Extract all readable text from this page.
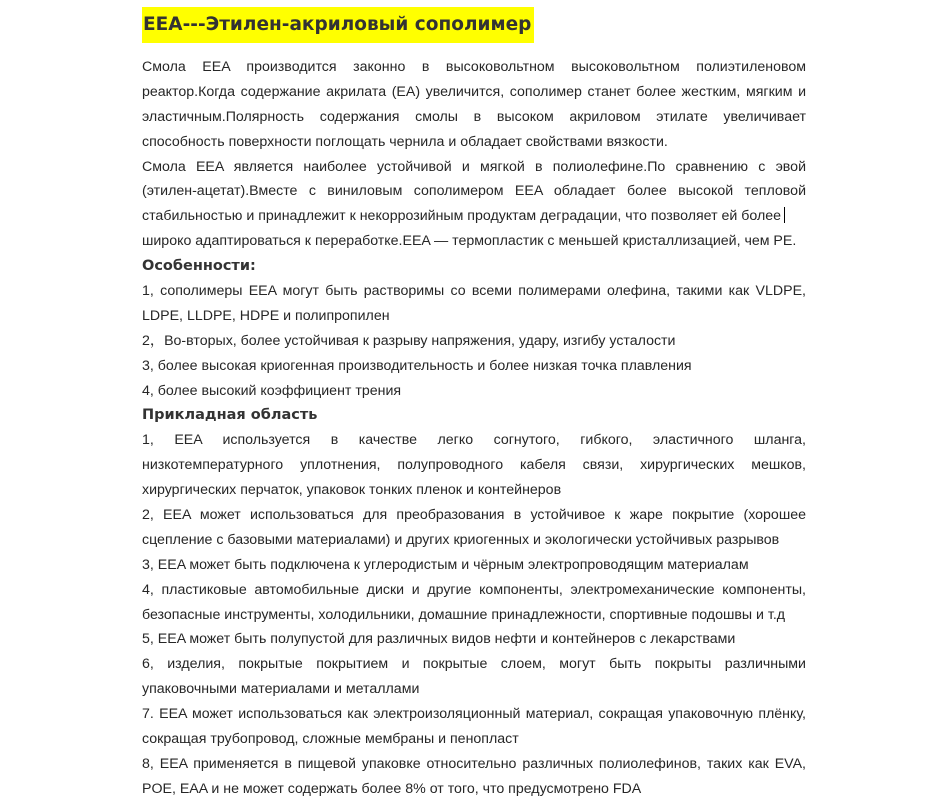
EEA---Этилен-акриловый сополимер
Смола EEA производится законно в высоковольтном высоковольтном полиэтиленовом
реактор.Когда содержание акрилата (EA) увеличится, сополимер станет более жестким, мягким и
эластичным.Полярность содержания смолы в высоком акриловом этилате увеличивает
способность поверхности поглощать чернила и обладает свойствами вязкости.
Смола EEA является наиболее устойчивой и мягкой в полиолефине.По сравнению с эвой
(этилен-ацетат).Вместе с виниловым сополимером EEA обладает более высокой тепловой
стабильностью и принадлежит к некоррозийным продуктам деградации, что позволяет ей более
широко адаптироваться к переработке.EEA — термопластик с меньшей кристаллизацией, чем PE.
Особенности:
1, сополимеры EEA могут быть растворимы со всеми полимерами олефина, такими как VLDPE,
LDPE, LLDPE, HDPE и полипропилен
2，Во-вторых, более устойчивая к разрыву напряжения, удару, изгибу усталости
3, более высокая криогенная производительность и более низкая точка плавления
4, более высокий коэффициент трения
Прикладная область
1, EEA используется в качестве легко согнутого, гибкого, эластичного шланга,
низкотемпературного уплотнения, полупроводного кабеля связи, хирургических мешков,
хирургических перчаток, упаковок тонких пленок и контейнеров
2, EEA может использоваться для преобразования в устойчивое к жаре покрытие (хорошее
сцепление с базовыми материалами) и других криогенных и экологически устойчивых разрывов
3, EEA может быть подключена к углеродистым и чёрным электропроводящим материалам
4, пластиковые автомобильные диски и другие компоненты, электромеханические компоненты,
безопасные инструменты, холодильники, домашние принадлежности, спортивные подошвы и т.д
5, EEA может быть полупустой для различных видов нефти и контейнеров с лекарствами
6, изделия, покрытые покрытием и покрытые слоем, могут быть покрыты различными
упаковочными материалами и металлами
7. EEA может использоваться как электроизоляционный материал, сокращая упаковочную плёнку,
сокращая трубопровод, сложные мембраны и пенопласт
8, EEA применяется в пищевой упаковке относительно различных полиолефинов, таких как EVA,
POE, EAA и не может содержать более 8% от того, что предусмотрено FDA
